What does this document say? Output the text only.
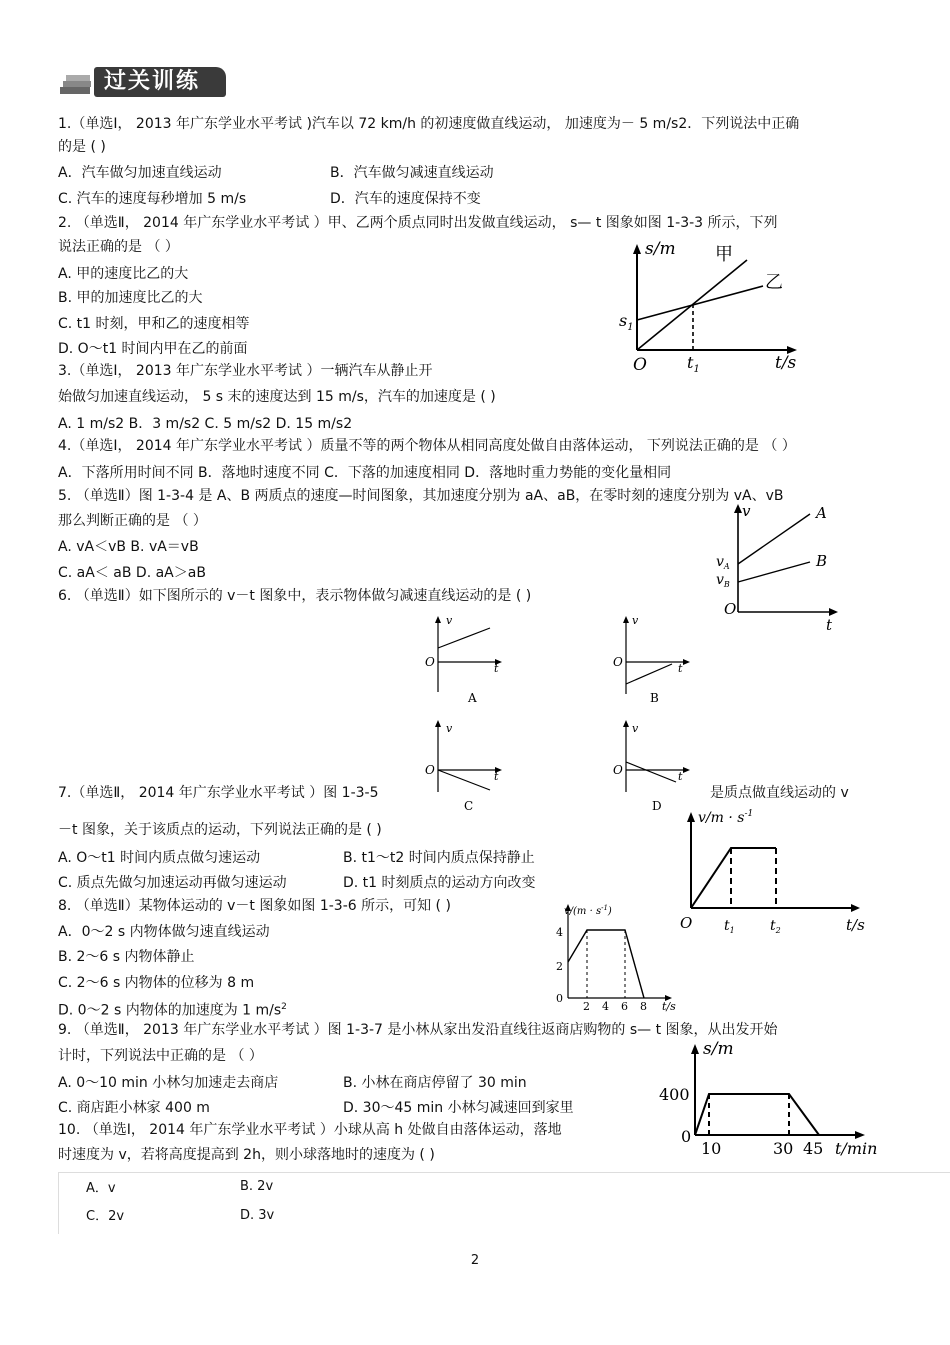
过关训练
1.（单选Ⅰ， 2013 年广东学业水平考试 )汽车以 72 km/h 的初速度做直线运动， 加速度为－ 5 m/s2．下列说法中正确
的是 ( )
A．汽车做匀加速直线运动	B．汽车做匀减速直线运动
C. 汽车的速度每秒增加 5 m/s	D．汽车的速度保持不变
2. （单选Ⅱ， 2014 年广东学业水平考试 ）甲、乙两个质点同时出发做直线运动， s— t 图象如图 1-3-3 所示，下列
说法正确的是 （ ）
A. 甲的速度比乙的大
B. 甲的加速度比乙的大
C. t1 时刻，甲和乙的速度相等
D. O～t1 时间内甲在乙的前面
s/m
t/s
O
$s_1$
$t_1$
甲
乙
3.（单选Ⅰ， 2013 年广东学业水平考试 ）一辆汽车从静止开
始做匀加速直线运动， 5 s 末的速度达到 15 m/s，汽车的加速度是 ( )
A. 1 m/s2 B．3 m/s2 C. 5 m/s2 D. 15 m/s2
4.（单选Ⅰ， 2014 年广东学业水平考试 ）质量不等的两个物体从相同高度处做自由落体运动， 下列说法正确的是 （ ）
A．下落所用时间不同 B．落地时速度不同 C．下落的加速度相同 D．落地时重力势能的变化量相同
5. （单选Ⅱ）图 1-3-4 是 A、B 两质点的速度—时间图象，其加速度分别为 aA、aB，在零时刻的速度分别为 vA、vB
那么判断正确的是 （ ）
A. vA＜vB B. vA＝vB
C. aA＜ aB D. aA＞aB
v
t
O
A
B
$v_A$
$v_B$
6. （单选Ⅱ）如下图所示的 v－t 图象中，表示物体做匀减速直线运动的是 ( )
v
t
O
A
v
t
O
B
v
t
O
C
v
t
O
D
7.（单选Ⅱ， 2014 年广东学业水平考试 ）图 1-3-5	是质点做直线运动的 v
－t 图象，关于该质点的运动，下列说法正确的是 ( )
A. O～t1 时间内质点做匀速运动	B. t1～t2 时间内质点保持静止
C. 质点先做匀加速运动再做匀速运动	D. t1 时刻质点的运动方向改变
$v/m \cdot s^{-1}$
t/s
O $t_1$	$t_2$
8. （单选Ⅱ）某物体运动的 v－t 图象如图 1-3-6 所示，可知 ( )
A．0～2 s 内物体做匀速直线运动
B. 2～6 s 内物体静止
C. 2～6 s 内物体的位移为 8 m
D. 0～2 s 内物体的加速度为 1 $m/s^2$
$v/(m \cdot s^{-1})$
t/s
0
2
4
2 4 6 8
9. （单选Ⅱ， 2013 年广东学业水平考试 ）图 1-3-7 是小林从家出发沿直线往返商店购物的 s— t 图象，从出发开始
计时，下列说法中正确的是 （ ）
A. 0～10 min 小林匀加速走去商店	B. 小林在商店停留了 30 min
C. 商店距小林家 400 m	D. 30～45 min 小林匀减速回到家里
s/m
t/min
0
400
10	30 45
10. （单选Ⅰ， 2014 年广东学业水平考试 ）小球从高 h 处做自由落体运动，落地
时速度为 v，若将高度提高到 2h，则小球落地时的速度为 ( )
A．v	B. 2v
C．2v	D. 3v
2
